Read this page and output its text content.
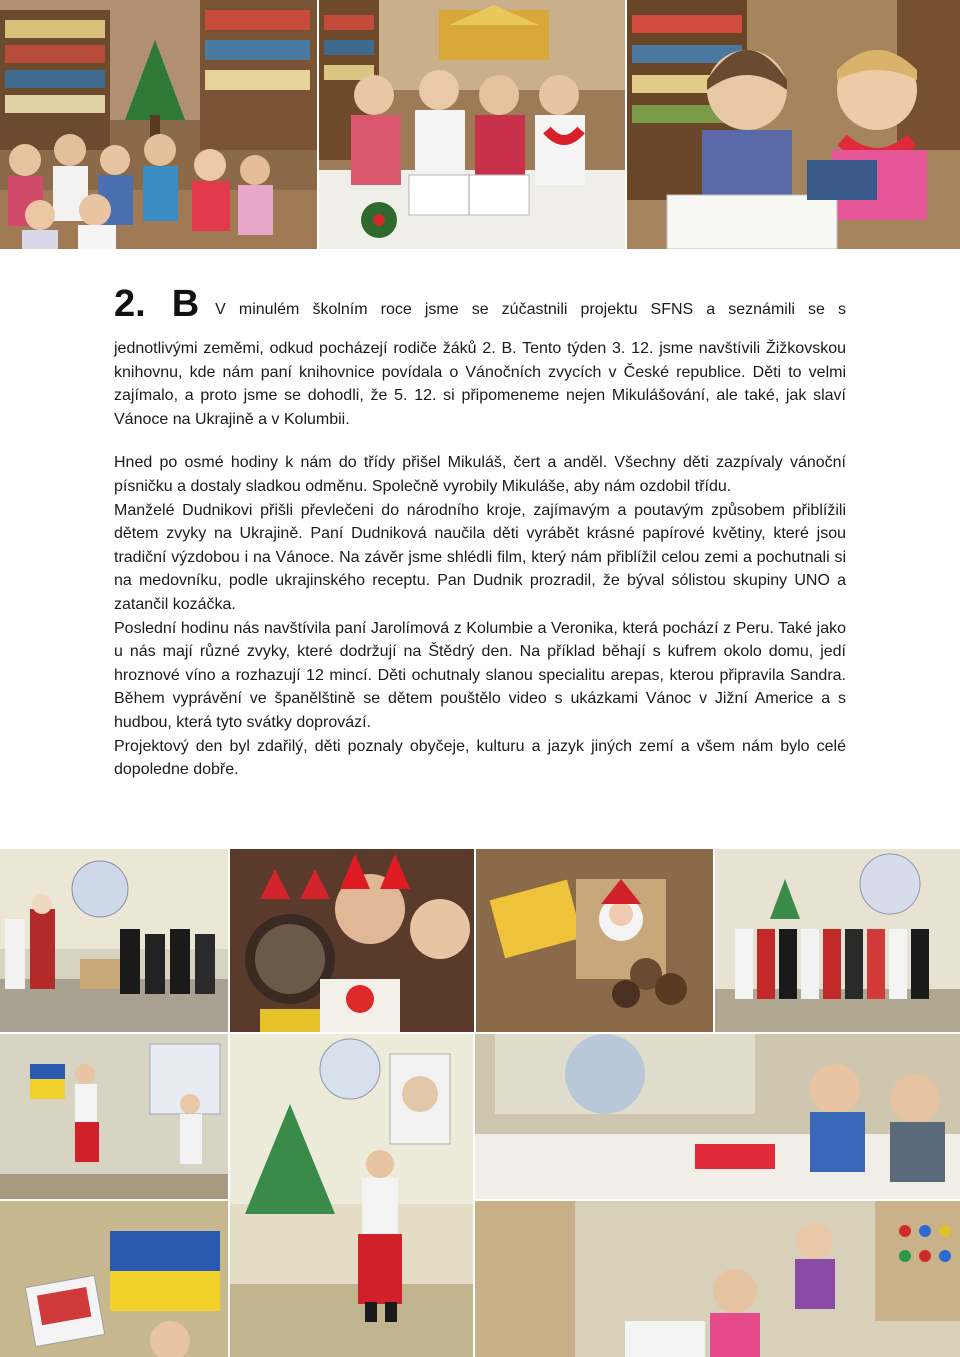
2. B V minulém školním roce jsme se zúčastnili projektu SFNS a seznámili se s

jednotlivými zeměmi, odkud pocházejí rodiče žáků 2. B. Tento týden 3. 12. jsme navštívili Žižkovskou knihovnu, kde nám paní knihovnice povídala o Vánočních zvycích v České republice. Děti to velmi zajímalo, a proto jsme se dohodli, že 5. 12. si připomeneme nejen Mikulášování, ale také, jak slaví Vánoce na Ukrajině a v Kolumbii.

Hned po osmé hodiny k nám do třídy přišel Mikuláš, čert a anděl. Všechny děti zazpívaly vánoční písničku a dostaly sladkou odměnu. Společně vyrobily Mikuláše, aby nám ozdobil třídu.

Manželé Dudnikovi přišli převlečeni do národního kroje, zajímavým a poutavým způsobem přiblížili dětem zvyky na Ukrajině. Paní Dudniková naučila děti vyrábět krásné papírové květiny, které jsou tradiční výzdobou i na Vánoce. Na závěr jsme shlédli film, který nám přiblížil celou zemi a pochutnali si na medovníku, podle ukrajinského receptu. Pan Dudnik prozradil, že býval sólistou skupiny UNO a zatančil kozáčka.

Poslední hodinu nás navštívila paní Jarolímová z Kolumbie a Veronika, která pochází z Peru. Také jako u nás mají různé zvyky, které dodržují na Štědrý den. Na příklad běhají s kufrem okolo domu, jedí hroznové víno a rozhazují 12 mincí. Děti ochutnaly slanou specialitu arepas, kterou připravila Sandra. Během vyprávění ve španělštině se dětem pouštělo video s ukázkami Vánoc v Jižní Americe a s hudbou, která tyto svátky doprovází.

Projektový den byl zdařilý, děti poznaly obyčeje, kulturu a jazyk jiných zemí a všem nám bylo celé dopoledne dobře.
